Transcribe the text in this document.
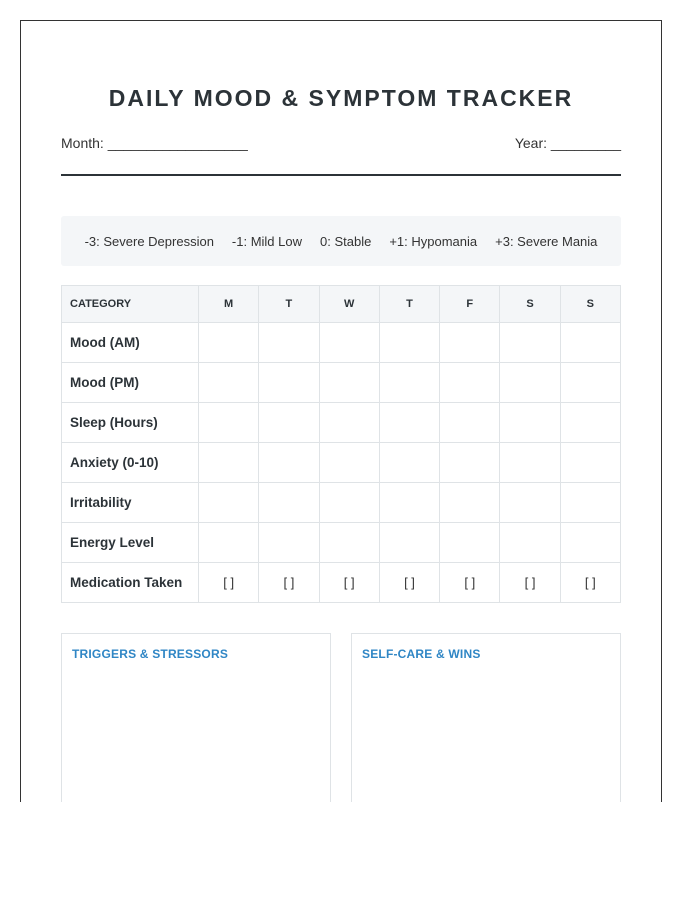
DAILY MOOD & SYMPTOM TRACKER
Month: __________________	Year: _________
-3: Severe Depression -1: Mild Low 0: Stable +1: Hypomania +3: Severe Mania
CATEGORY	M	T	W	T	F	S	S
Mood (AM)							
Mood (PM)							
Sleep (Hours)							
Anxiety (0-10)							
Irritability							
Energy Level							
Medication Taken	[ ]	[ ]	[ ]	[ ]	[ ]	[ ]	[ ]
TRIGGERS & STRESSORS	SELF-CARE & WINS
